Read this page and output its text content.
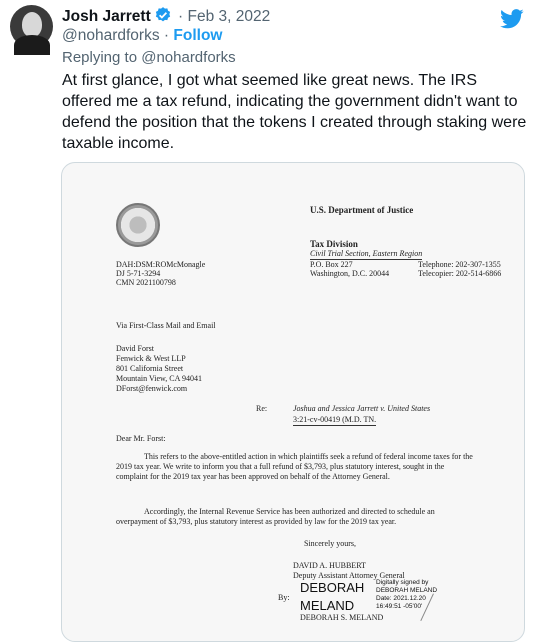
Josh Jarrett · Feb 3, 2022
@nohardforks · Follow
Replying to @nohardforks
At first glance, I got what seemed like great news. The IRS offered me a tax refund, indicating the government didn't want to defend the position that the tokens I created through staking were taxable income.
U.S. Department of Justice
Tax Division
Civil Trial Section, Eastern Region
P.O. Box 227
Washington, D.C. 20044
Telephone: 202-307-1355
Telecopier: 202-514-6866
DAH:DSM:ROMcMonagle
DJ 5-71-3294
CMN 2021100798
Via First-Class Mail and Email
David Forst
Fenwick & West LLP
801 California Street
Mountain View, CA 94041
DForst@fenwick.com
Re:	Joshua and Jessica Jarrett v. United States
3:21-cv-00419 (M.D. TN.
Dear Mr. Forst:
This refers to the above-entitled action in which plaintiffs seek a refund of federal income taxes for the 2019 tax year. We write to inform you that a full refund of $3,793, plus statutory interest, sought in the complaint for the 2019 tax year has been approved on behalf of the Attorney General.
Accordingly, the Internal Revenue Service has been authorized and directed to schedule an overpayment of $3,793, plus statutory interest as provided by law for the 2019 tax year.
Sincerely yours,
DAVID A. HUBBERT
Deputy Assistant Attorney General
By:
DEBORAH
MELAND
Digitally signed by
DEBORAH MELAND
Date: 2021.12.20
16:49:51 -05'00'
DEBORAH S. MELAND
